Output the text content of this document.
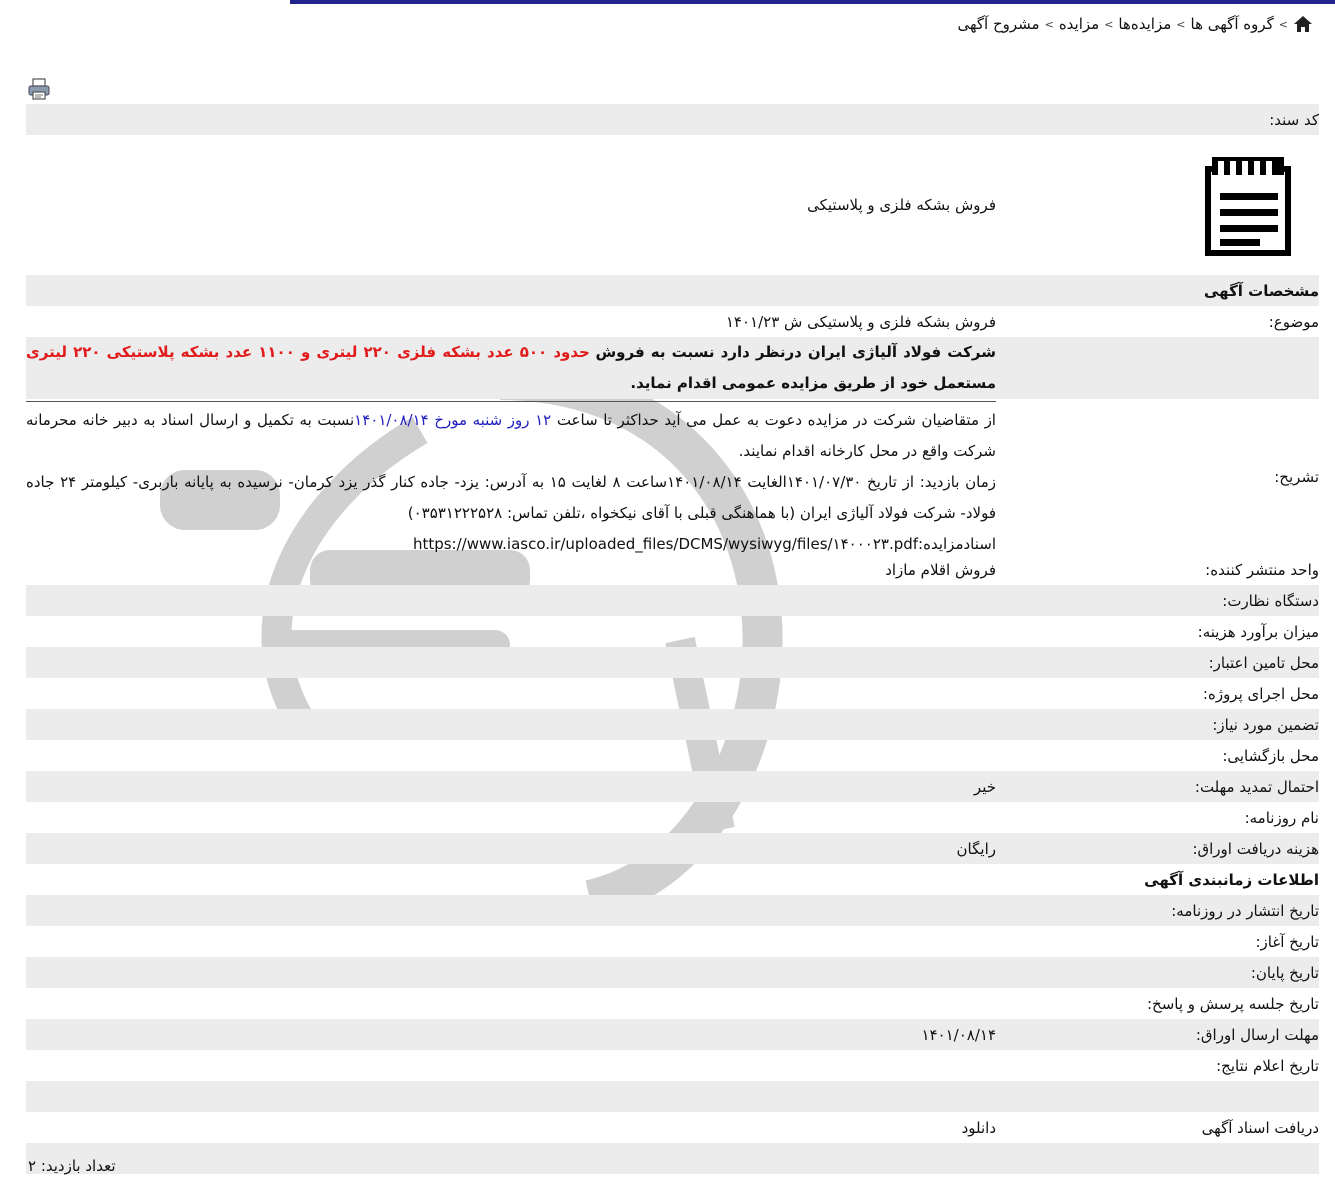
>
گروه آگهی ها
>
مزایده‌ها
>
مزایده
>
مشروح آگهی
کد سند:
فروش بشکه فلزی و پلاستیکی
مشخصات آگهی
موضوع:
فروش بشکه فلزی و پلاستیکی ش ۱۴۰۱/۲۳
شرکت فولاد آلیاژی ایران درنظر دارد نسبت به فروش حدود ۵۰۰ عدد بشکه فلزی ۲۲۰ لیتری و ۱۱۰۰ عدد بشکه پلاستیکی ۲۲۰ لیتری مستعمل خود از طریق مزایده عمومی اقدام نماید.
تشریح:
از متقاضیان شرکت در مزایده دعوت به عمل می آید حداکثر تا ساعت ۱۲ روز شنبه مورخ ۱۴۰۱/۰۸/۱۴نسبت به تکمیل و ارسال اسناد به دبیر خانه محرمانه شرکت واقع در محل کارخانه اقدام نمایند.
زمان بازدید: از تاریخ ۱۴۰۱/۰۷/۳۰الغایت ۱۴۰۱/۰۸/۱۴ساعت ۸ لغایت ۱۵ به آدرس: یزد- جاده کنار گذر یزد کرمان- نرسیده به پایانه باربری- کیلومتر ۲۴ جاده فولاد- شرکت فولاد آلیاژی ایران (با هماهنگی قبلی با آقای نیکخواه ،تلفن تماس: ۰۳۵۳۱۲۲۲۵۲۸)
اسنادمزایده:https://www.iasco.ir/uploaded_files/DCMS/wysiwyg/files/۱۴۰۰۰۲۳.pdf
واحد منتشر کننده:
فروش اقلام مازاد
دستگاه نظارت:
میزان برآورد هزینه:
محل تامین اعتبار:
محل اجرای پروژه:
تضمین مورد نیاز:
محل بازگشایی:
احتمال تمدید مهلت:
خیر
نام روزنامه:
هزینه دریافت اوراق:
رایگان
اطلاعات زمانبندی آگهی
تاریخ انتشار در روزنامه:
تاریخ آغاز:
تاریخ پایان:
تاریخ جلسه پرسش و پاسخ:
مهلت ارسال اوراق:
۱۴۰۱/۰۸/۱۴
تاریخ اعلام نتایج:
دریافت اسناد آگهی
دانلود
تعداد بازدید: ۲
